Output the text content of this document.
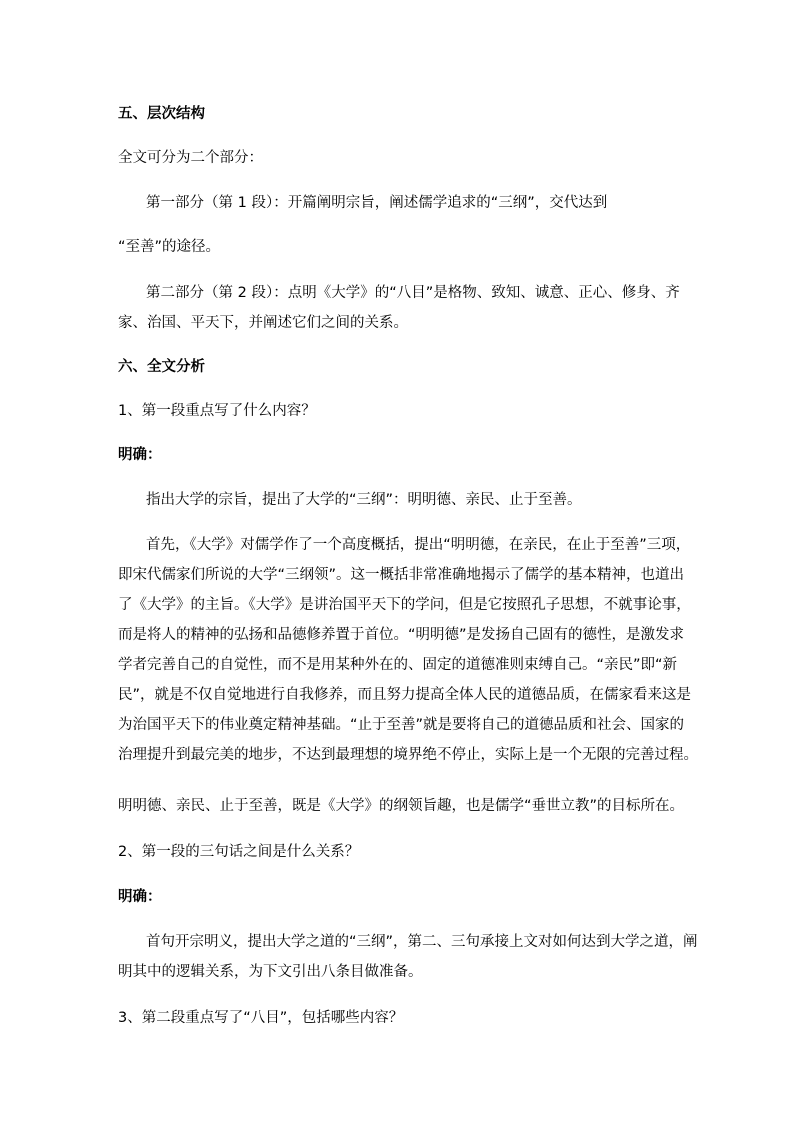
五、层次结构
全文可分为二个部分：
第一部分（第 1 段）：开篇阐明宗旨，阐述儒学追求的“三纲”，交代达到
“至善”的途径。
第二部分（第 2 段）：点明《大学》的“八目”是格物、致知、诚意、正心、修身、齐
家、治国、平天下，并阐述它们之间的关系。
六、全文分析
1、第一段重点写了什么内容？
明确：
指出大学的宗旨，提出了大学的“三纲”：明明德、亲民、止于至善。
首先，《大学》对儒学作了一个高度概括，提出“明明德，在亲民，在止于至善”三项，
即宋代儒家们所说的大学“三纲领”。这一概括非常准确地揭示了儒学的基本精神，也道出
了《大学》的主旨。《大学》是讲治国平天下的学问，但是它按照孔子思想，不就事论事，
而是将人的精神的弘扬和品德修养置于首位。“明明德”是发扬自己固有的德性，是激发求
学者完善自己的自觉性，而不是用某种外在的、固定的道德准则束缚自己。“亲民”即“新
民”，就是不仅自觉地进行自我修养，而且努力提高全体人民的道德品质，在儒家看来这是
为治国平天下的伟业奠定精神基础。“止于至善”就是要将自己的道德品质和社会、国家的
治理提升到最完美的地步，不达到最理想的境界绝不停止，实际上是一个无限的完善过程。
明明德、亲民、止于至善，既是《大学》的纲领旨趣，也是儒学“垂世立教”的目标所在。
2、第一段的三句话之间是什么关系？
明确：
首句开宗明义，提出大学之道的“三纲”，第二、三句承接上文对如何达到大学之道，阐
明其中的逻辑关系，为下文引出八条目做准备。
3、第二段重点写了“八目”，包括哪些内容？
